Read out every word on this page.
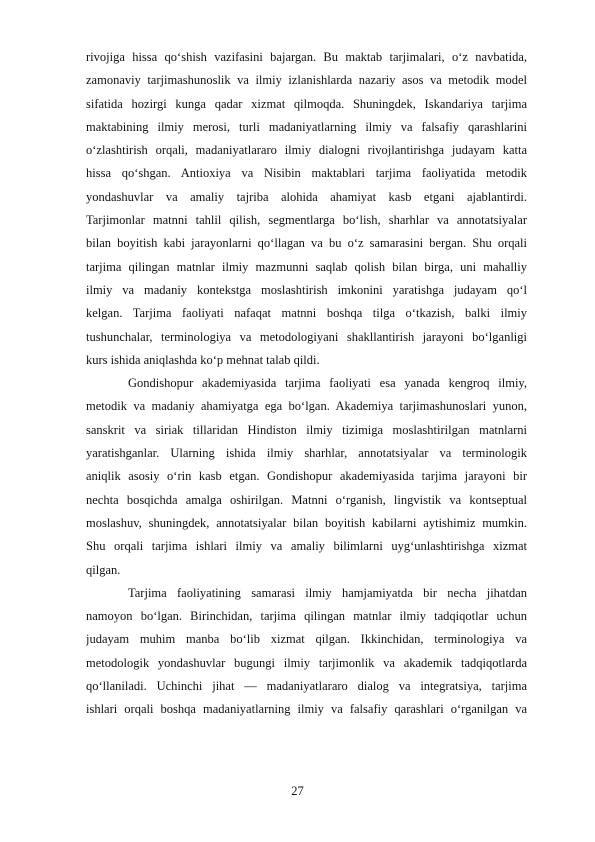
rivojiga hissa qo‘shish vazifasini bajargan. Bu maktab tarjimalari, o‘z navbatida,
zamonaviy tarjimashunoslik va ilmiy izlanishlarda nazariy asos va metodik model
sifatida hozirgi kunga qadar xizmat qilmoqda. Shuningdek, Iskandariya tarjima
maktabining ilmiy merosi, turli madaniyatlarning ilmiy va falsafiy qarashlarini
o‘zlashtirish orqali, madaniyatlararo ilmiy dialogni rivojlantirishga judayam katta
hissa qo‘shgan. Antioxiya va Nisibin maktablari tarjima faoliyatida metodik
yondashuvlar va amaliy tajriba alohida ahamiyat kasb etgani ajablantirdi.
Tarjimonlar matnni tahlil qilish, segmentlarga bo‘lish, sharhlar va annotatsiyalar
bilan boyitish kabi jarayonlarni qo‘llagan va bu o‘z samarasini bergan. Shu orqali
tarjima qilingan matnlar ilmiy mazmunni saqlab qolish bilan birga, uni mahalliy
ilmiy va madaniy kontekstga moslashtirish imkonini yaratishga judayam qo‘l
kelgan. Tarjima faoliyati nafaqat matnni boshqa tilga o‘tkazish, balki ilmiy
tushunchalar, terminologiya va metodologiyani shakllantirish jarayoni bo‘lganligi
kurs ishida aniqlashda ko‘p mehnat talab qildi.
Gondishopur akademiyasida tarjima faoliyati esa yanada kengroq ilmiy,
metodik va madaniy ahamiyatga ega bo‘lgan. Akademiya tarjimashunoslari yunon,
sanskrit va siriak tillaridan Hindiston ilmiy tizimiga moslashtirilgan matnlarni
yaratishganlar. Ularning ishida ilmiy sharhlar, annotatsiyalar va terminologik
aniqlik asosiy o‘rin kasb etgan. Gondishopur akademiyasida tarjima jarayoni bir
nechta bosqichda amalga oshirilgan. Matnni o‘rganish, lingvistik va kontseptual
moslashuv, shuningdek, annotatsiyalar bilan boyitish kabilarni aytishimiz mumkin.
Shu orqali tarjima ishlari ilmiy va amaliy bilimlarni uyg‘unlashtirishga xizmat
qilgan.
Tarjima faoliyatining samarasi ilmiy hamjamiyatda bir necha jihatdan
namoyon bo‘lgan. Birinchidan, tarjima qilingan matnlar ilmiy tadqiqotlar uchun
judayam muhim manba bo‘lib xizmat qilgan. Ikkinchidan, terminologiya va
metodologik yondashuvlar bugungi ilmiy tarjimonlik va akademik tadqiqotlarda
qo‘llaniladi. Uchinchi jihat — madaniyatlararo dialog va integratsiya, tarjima
ishlari orqali boshqa madaniyatlarning ilmiy va falsafiy qarashlari o‘rganilgan va
27
